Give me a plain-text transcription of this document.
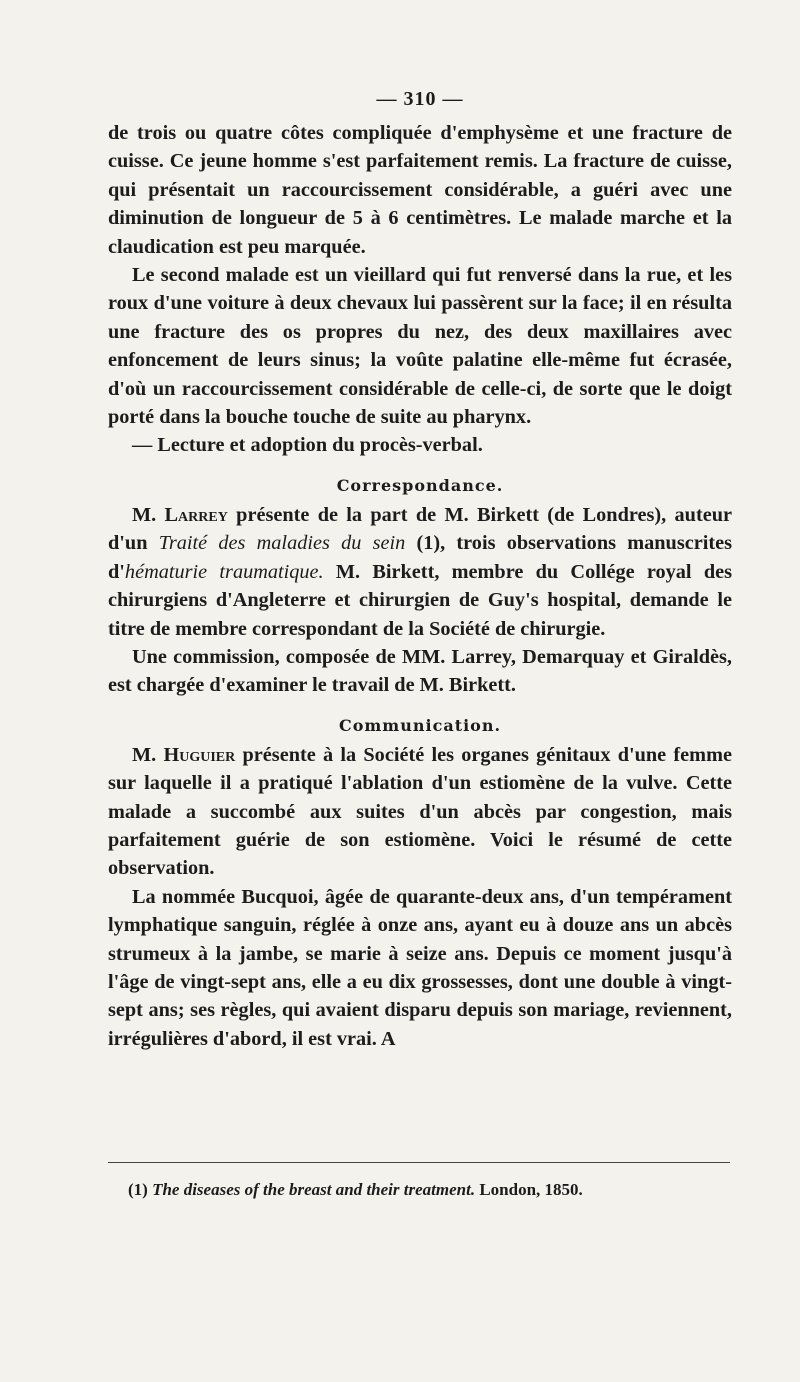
— 310 —

de trois ou quatre côtes compliquée d'emphysème et une fracture de cuisse. Ce jeune homme s'est parfaitement remis. La fracture de cuisse, qui présentait un raccourcissement considérable, a guéri avec une diminution de longueur de 5 à 6 centimètres. Le malade marche et la claudication est peu marquée.

Le second malade est un vieillard qui fut renversé dans la rue, et les roux d'une voiture à deux chevaux lui passèrent sur la face; il en résulta une fracture des os propres du nez, des deux maxillaires avec enfoncement de leurs sinus; la voûte palatine elle-même fut écrasée, d'où un raccourcissement considérable de celle-ci, de sorte que le doigt porté dans la bouche touche de suite au pharynx.

— Lecture et adoption du procès-verbal.

Correspondance.

M. Larrey présente de la part de M. Birkett (de Londres), auteur d'un Traité des maladies du sein (1), trois observations manuscrites d'hématurie traumatique. M. Birkett, membre du Collége royal des chirurgiens d'Angleterre et chirurgien de Guy's hospital, demande le titre de membre correspondant de la Société de chirurgie.

Une commission, composée de MM. Larrey, Demarquay et Giraldès, est chargée d'examiner le travail de M. Birkett.

Communication.

M. Huguier présente à la Société les organes génitaux d'une femme sur laquelle il a pratiqué l'ablation d'un estiomène de la vulve. Cette malade a succombé aux suites d'un abcès par congestion, mais parfaitement guérie de son estiomène. Voici le résumé de cette observation.

La nommée Bucquoi, âgée de quarante-deux ans, d'un tempérament lymphatique sanguin, réglée à onze ans, ayant eu à douze ans un abcès strumeux à la jambe, se marie à seize ans. Depuis ce moment jusqu'à l'âge de vingt-sept ans, elle a eu dix grossesses, dont une double à vingt-sept ans; ses règles, qui avaient disparu depuis son mariage, reviennent, irrégulières d'abord, il est vrai. A

(1) The diseases of the breast and their treatment. London, 1850.
